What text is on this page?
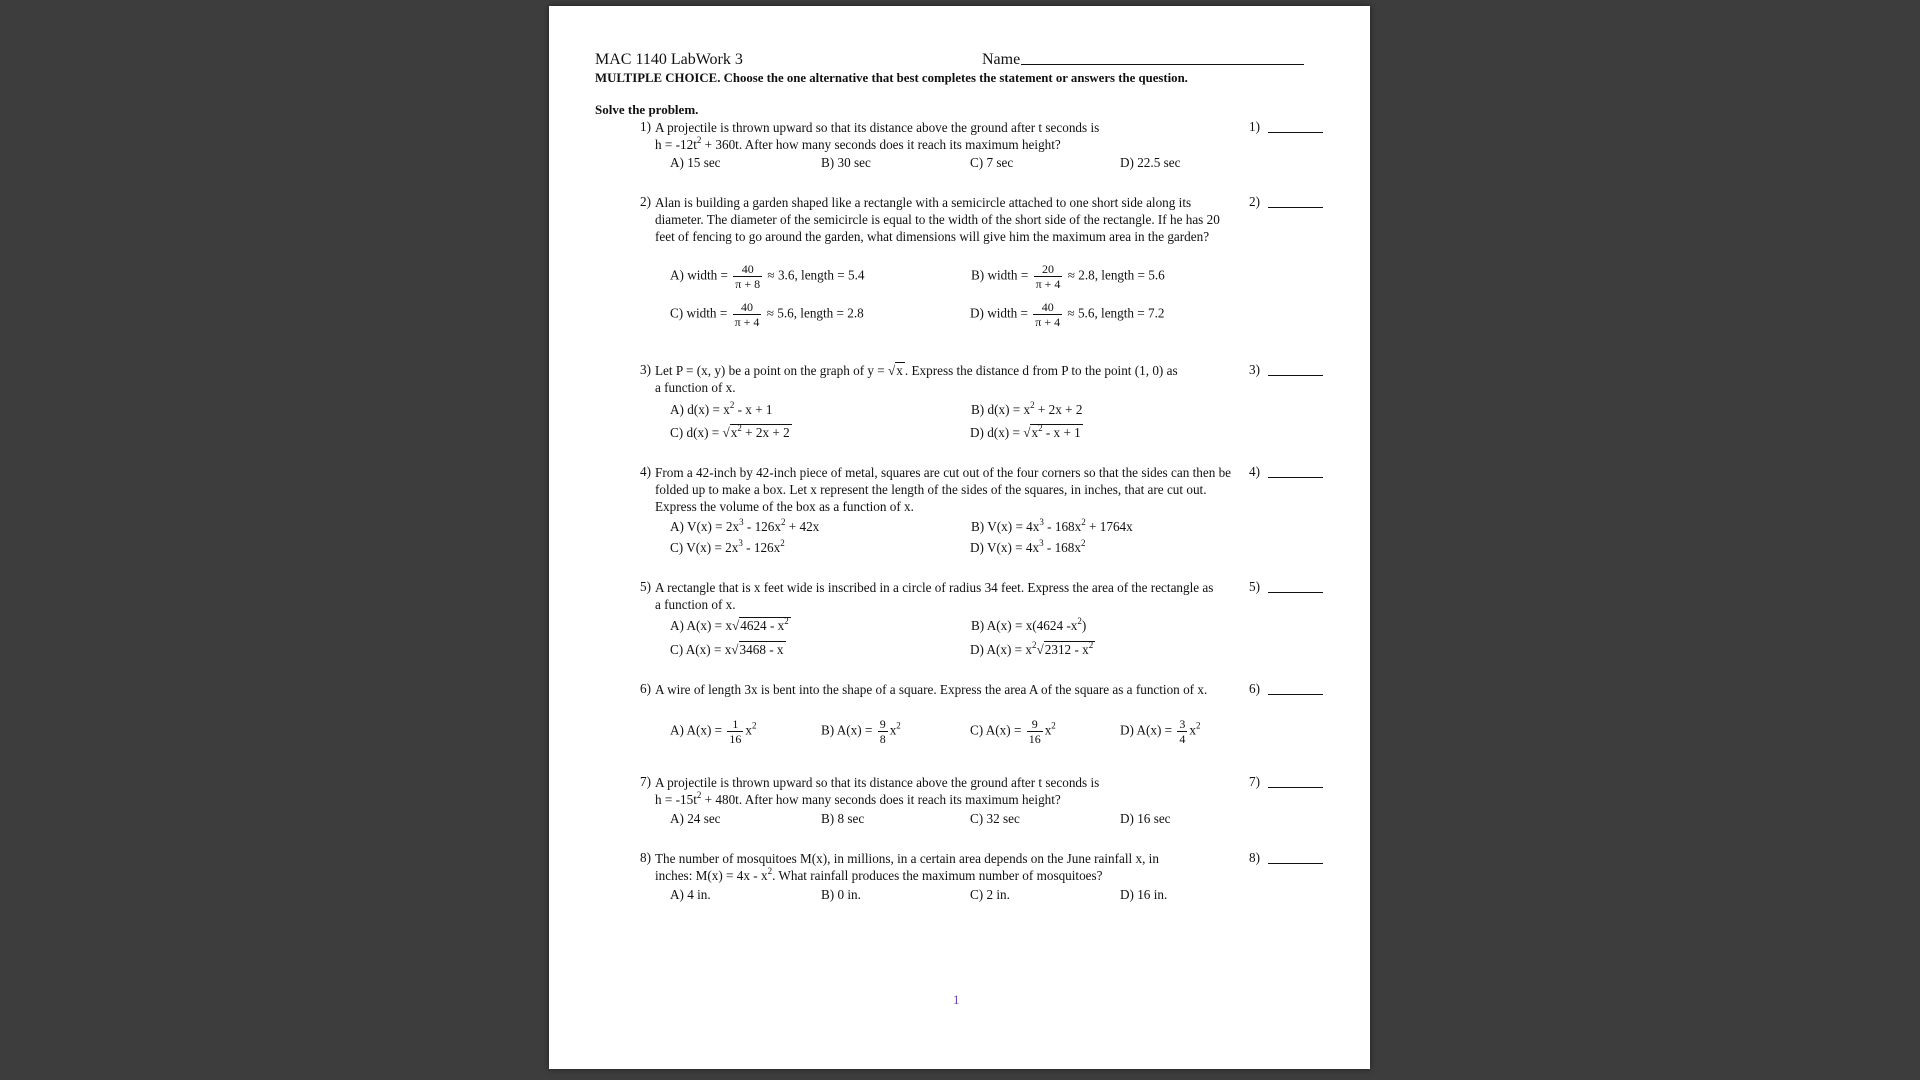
MAC 1140 LabWork 3	Name
MULTIPLE CHOICE. Choose the one alternative that best completes the statement or answers the question.
Solve the problem.
1) A projectile is thrown upward so that its distance above the ground after t seconds is
$h = -12t^2 + 360t$. After how many seconds does it reach its maximum height?
1)
A) 15 sec	B) 30 sec	C) 7 sec	D) 22.5 sec
2) Alan is building a garden shaped like a rectangle with a semicircle attached to one short side along its diameter. The diameter of the semicircle is equal to the width of the short side of the rectangle. If he has 20 feet of fencing to go around the garden, what dimensions will give him the maximum area in the garden?
2)
A) width = $\frac{40}{\pi + 8} \approx 3.6$, length = 5.4	B) width = $\frac{20}{\pi + 4} \approx 2.8$, length = 5.6
C) width = $\frac{40}{\pi + 4} \approx 5.6$, length = 2.8	D) width = $\frac{40}{\pi + 4} \approx 5.6$, length = 7.2
3) Let P = (x, y) be a point on the graph of y = √x . Express the distance d from P to the point (1, 0) as
a function of x.
3)
A) $d(x) = x^2 - x + 1$	B) $d(x) = x^2 + 2x + 2$
C) $d(x) = √x^2 + 2x + 2$	D) $d(x) = √x^2 - x + 1$
4) From a 42-inch by 42-inch piece of metal, squares are cut out of the four corners so that the sides can then be folded up to make a box. Let x represent the length of the sides of the squares, in inches, that are cut out. Express the volume of the box as a function of x.
4)
A) $V(x) = 2x^3 - 126x^2 + 42x$	B) $V(x) = 4x^3 - 168x^2 + 1764x$
C) $V(x) = 2x^3 - 126x^2$	D) $V(x) = 4x^3 - 168x^2$
5) A rectangle that is x feet wide is inscribed in a circle of radius 34 feet. Express the area of the rectangle as a function of x.
5)
A) $A(x) = x√4624 - x^2$	B) A(x) = x(4624 $-x^2$)
C) A(x) = x√3468 - x	D) $A(x) = x^2√2312 - x^2$
6) A wire of length 3x is bent into the shape of a square. Express the area A of the square as a function of x.	6)
A) $A(x) = \frac{1}{16} x^2$	B) $A(x) = \frac{9}{8} x^2$	C) $A(x) = \frac{9}{16} x^2$	D) $A(x) = \frac{3}{4} x^2$
7) A projectile is thrown upward so that its distance above the ground after t seconds is
$h = -15t^2 + 480t$. After how many seconds does it reach its maximum height?
7)
A) 24 sec	B) 8 sec	C) 32 sec	D) 16 sec
8) The number of mosquitoes M(x), in millions, in a certain area depends on the June rainfall x, in
inches: $M(x) = 4x - x^2$. What rainfall produces the maximum number of mosquitoes?
8)
A) 4 in.	B) 0 in.	C) 2 in.	D) 16 in.
1
